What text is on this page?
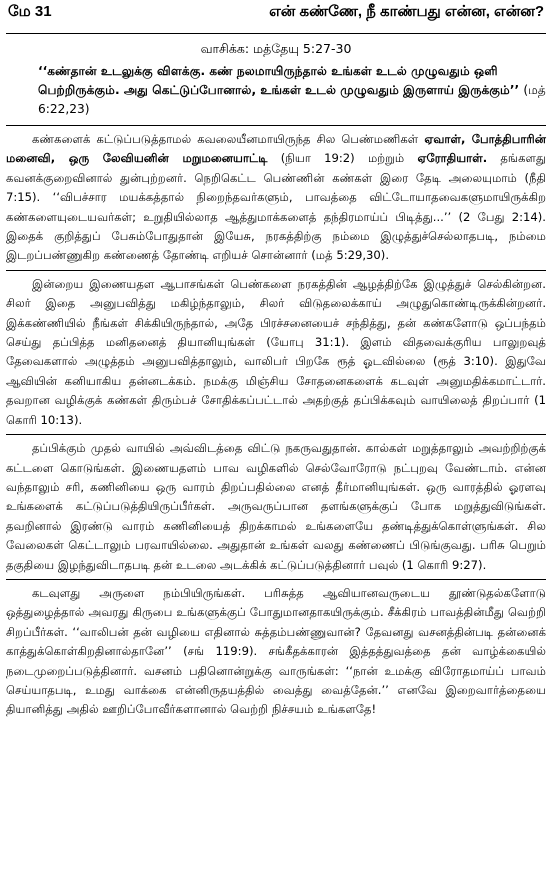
மே 31	என் கண்ணே, நீ காண்பது என்ன, என்ன?
வாசிக்க: மத்தேயு 5:27-30
‘‘கண்தான் உடலுக்கு விளக்கு. கண் நலமாயிருந்தால் உங்கள் உடல் முழுவதும் ஒளி பெற்றிருக்கும். அது கெட்டுப்போனால், உங்கள் உடல் முழுவதும் இருளாய் இருக்கும்’’ (மத் 6:22,23)

கண்களைக் கட்டுப்படுத்தாமல் கவலையீனமாயிருந்த சில பெண்மணிகள் ஏவாள், போத்திபாரின் மனைவி, ஒரு லேவியனின் மறுமனையாட்டி (நியா 19:2) மற்றும் ஏரோதியாள். தங்களது கவனக்குறைவினால் துன்புற்றனர். நெறிகெட்ட பெண்ணின் கண்கள் இரை தேடி அலையுமாம் (நீதி 7:15). ‘‘விபச்சார மயக்கத்தால் நிறைந்தவர்களும், பாவத்தை விட்டோயாதவைகளுமாயிருக்கிற கண்களையுடையவர்கள்; உறுதியில்லாத ஆத்துமாக்களைத் தந்திரமாய்ப் பிடித்து...’’ (2 பேது 2:14). இதைக் குறித்துப் பேசும்போதுதான் இயேசு, நரகத்திற்கு நம்மை இழுத்துச்செல்லாதபடி, நம்மை இடறப்பண்ணுகிற கண்ணைத் தோண்டி எறியச் சொன்னார் (மத் 5:29,30).

இன்றைய இணையதள ஆபாசங்கள் பெண்களை நரகத்தின் ஆழத்திற்கே இழுத்துச் செல்கின்றன. சிலர் இதை அனுபவித்து மகிழ்ந்தாலும், சிலர் விடுதலைக்காய் அழுதுகொண்டிருக்கின்றனர். இக்கண்ணியில் நீங்கள் சிக்கியிருந்தால், அதே பிரச்சனையைச் சந்தித்து, தன் கண்களோடு ஒப்பந்தம் செய்து தப்பித்த மனிதனைத் தியானியுங்கள் (யோபு 31:1). இளம் விதவைக்குரிய பாலுறவுத் தேவைகளால் அழுத்தம் அனுபவித்தாலும், வாலிபர் பிறகே ரூத் ஓடவில்லை (ரூத் 3:10). இதுவே ஆவியின் கனியாகிய தன்னடக்கம். நமக்கு மிஞ்சிய சோதனைகளைக் கடவுள் அனுமதிக்கமாட்டார். தவறான வழிக்குக் கண்கள் திரும்பச் சோதிக்கப்பட்டால் அதற்குத் தப்பிக்கவும் வாயிலைத் திறப்பார் (1 கொரி 10:13).

தப்பிக்கும் முதல் வாயில் அவ்விடத்தை விட்டு நகருவதுதான். கால்கள் மறுத்தாலும் அவற்றிற்குக் கட்டளை கொடுங்கள். இணையதளம் பாவ வழிகளில் செல்வோரோடு நட்புறவு வேண்டாம். என்ன வந்தாலும் சரி, கணினியை ஒரு வாரம் திறப்பதில்லை எனத் தீர்மானியுங்கள். ஒரு வாரத்தில் ஓரளவு உங்களைக் கட்டுப்படுத்தியிருப்பீர்கள். அருவருப்பான தளங்களுக்குப் போக மறுத்துவிடுங்கள். தவறினால் இரண்டு வாரம் கணினியைத் திறக்காமல் உங்களையே தண்டித்துக்கொள்ளுங்கள். சில வேலைகள் கெட்டாலும் பரவாயில்லை. அதுதான் உங்கள் வலது கண்ணைப் பிடுங்குவது. பரிசு பெறும் தகுதியை இழந்துவிடாதபடி தன் உடலை அடக்கிக் கட்டுப்படுத்தினார் பவுல் (1 கொரி 9:27).

கடவுளது அருளை நம்பியிருங்கள். பரிசுத்த ஆவியானவருடைய தூண்டுதல்களோடு ஒத்துழைத்தால் அவரது கிருபை உங்களுக்குப் போதுமானதாகயிருக்கும். சீக்கிரம் பாவத்தின்மீது வெற்றி சிறப்பீர்கள். ‘‘வாலிபன் தன் வழியை எதினால் சுத்தம்பண்ணுவான்? தேவனது வசனத்தின்படி தன்னைக் காத்துக்கொள்கிறதினால்தானே’’ (சங் 119:9). சங்கீதக்காரன் இத்தத்துவத்தை தன் வாழ்க்கையில் நடைமுறைப்படுத்தினார். வசனம் பதினொன்றுக்கு வாருங்கள்: ‘‘நான் உமக்கு விரோதமாய்ப் பாவம் செய்யாதபடி, உமது வாக்கை என்னிருதயத்தில் வைத்து வைத்தேன்.’’ எனவே இறைவார்த்தையை தியானித்து அதில் ஊறிப்போவீர்களானால் வெற்றி நிச்சயம் உங்களதே!
